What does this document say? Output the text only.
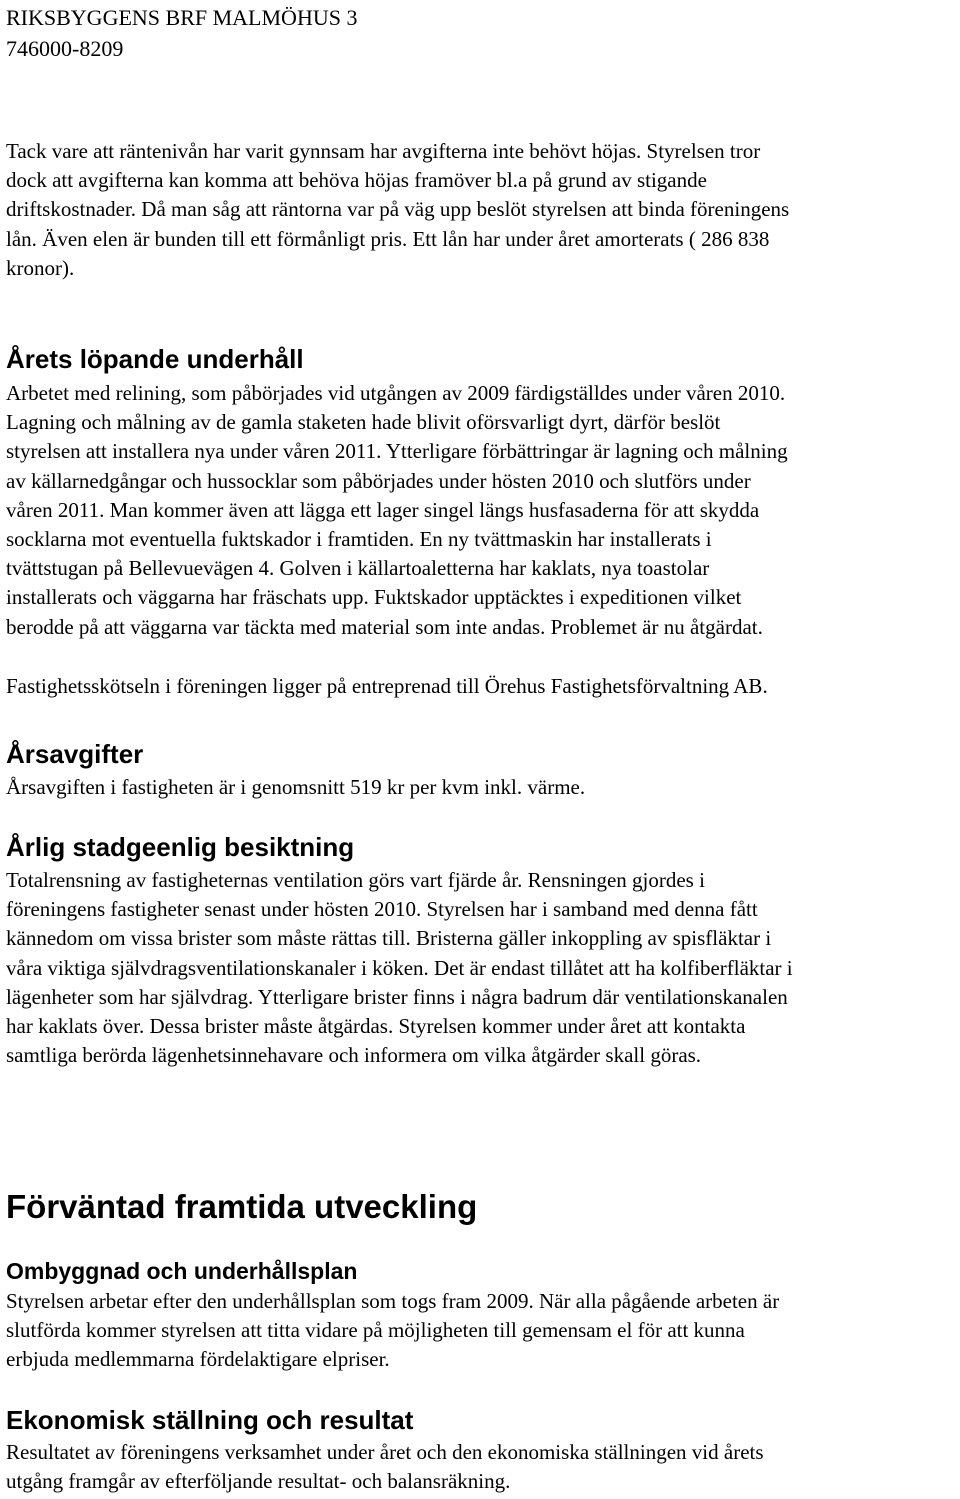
RIKSBYGGENS BRF MALMÖHUS 3

746000-8209

Tack vare att räntenivån har varit gynnsam har avgifterna inte behövt höjas. Styrelsen tror
dock att avgifterna kan komma att behöva höjas framöver bl.a på grund av stigande
driftskostnader. Då man såg att räntorna var på väg upp beslöt styrelsen att binda föreningens
lån. Även elen är bunden till ett förmånligt pris. Ett lån har under året amorterats ( 286 838
kronor).
Årets löpande underhåll
Arbetet med relining, som påbörjades vid utgången av 2009 färdigställdes under våren 2010.
Lagning och målning av de gamla staketen hade blivit oförsvarligt dyrt, därför beslöt
styrelsen att installera nya under våren 2011. Ytterligare förbättringar är lagning och målning
av källarnedgångar och hussocklar som påbörjades under hösten 2010 och slutförs under
våren 2011. Man kommer även att lägga ett lager singel längs husfasaderna för att skydda
socklarna mot eventuella fuktskador i framtiden. En ny tvättmaskin har installerats i
tvättstugan på Bellevuevägen 4. Golven i källartoaletterna har kaklats, nya toastolar
installerats och väggarna har fräschats upp. Fuktskador upptäcktes i expeditionen vilket
berodde på att väggarna var täckta med material som inte andas. Problemet är nu åtgärdat.
Fastighetsskötseln i föreningen ligger på entreprenad till Örehus Fastighetsförvaltning AB.
Årsavgifter
Årsavgiften i fastigheten är i genomsnitt 519 kr per kvm inkl. värme.
Årlig stadgeenlig besiktning
Totalrensning av fastigheternas ventilation görs vart fjärde år. Rensningen gjordes i
föreningens fastigheter senast under hösten 2010. Styrelsen har i samband med denna fått
kännedom om vissa brister som måste rättas till. Bristerna gäller inkoppling av spisfläktar i
våra viktiga självdragsventilationskanaler i köken. Det är endast tillåtet att ha kolfiberfläktar i
lägenheter som har självdrag. Ytterligare brister finns i några badrum där ventilationskanalen
har kaklats över. Dessa brister måste åtgärdas. Styrelsen kommer under året att kontakta
samtliga berörda lägenhetsinnehavare och informera om vilka åtgärder skall göras.
Förväntad framtida utveckling
Ombyggnad och underhållsplan
Styrelsen arbetar efter den underhållsplan som togs fram 2009. När alla pågående arbeten är
slutförda kommer styrelsen att titta vidare på möjligheten till gemensam el för att kunna
erbjuda medlemmarna fördelaktigare elpriser.
Ekonomisk ställning och resultat
Resultatet av föreningens verksamhet under året och den ekonomiska ställningen vid årets
utgång framgår av efterföljande resultat- och balansräkning.
